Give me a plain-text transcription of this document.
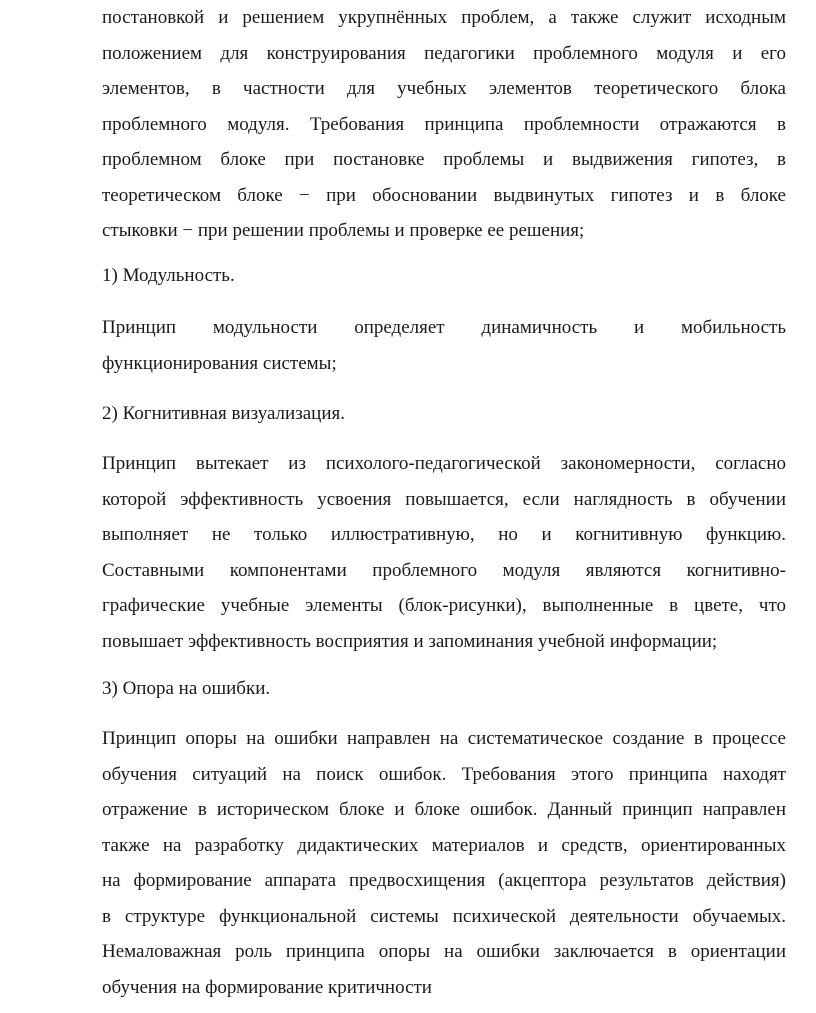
постановкой и решением укрупнённых проблем, а также служит исходным
положением для конструирования педагогики проблемного модуля и его
элементов, в частности для учебных элементов теоретического блока
проблемного модуля. Требования принципа проблемности отражаются в
проблемном блоке при постановке проблемы и выдвижения гипотез, в
теоретическом блоке − при обосновании выдвинутых гипотез и в блоке
стыковки − при решении проблемы и проверке ее решения;
1) Модульность.
Принцип модульности определяет динамичность и мобильность
функционирования системы;
2) Когнитивная визуализация.
Принцип вытекает из психолого-педагогической закономерности, согласно
которой эффективность усвоения повышается, если наглядность в обучении
выполняет не только иллюстративную, но и когнитивную функцию.
Составными компонентами проблемного модуля являются когнитивно-
графические учебные элементы (блок-рисунки), выполненные в цвете, что
повышает эффективность восприятия и запоминания учебной информации;
3) Опора на ошибки.
Принцип опоры на ошибки направлен на систематическое создание в процессе
обучения ситуаций на поиск ошибок. Требования этого принципа находят
отражение в историческом блоке и блоке ошибок. Данный принцип направлен
также на разработку дидактических материалов и средств, ориентированных
на формирование аппарата предвосхищения (акцептора результатов действия)
в структуре функциональной системы психической деятельности обучаемых.
Немаловажная роль принципа опоры на ошибки заключается в ориентации
обучения на формирование критичности
